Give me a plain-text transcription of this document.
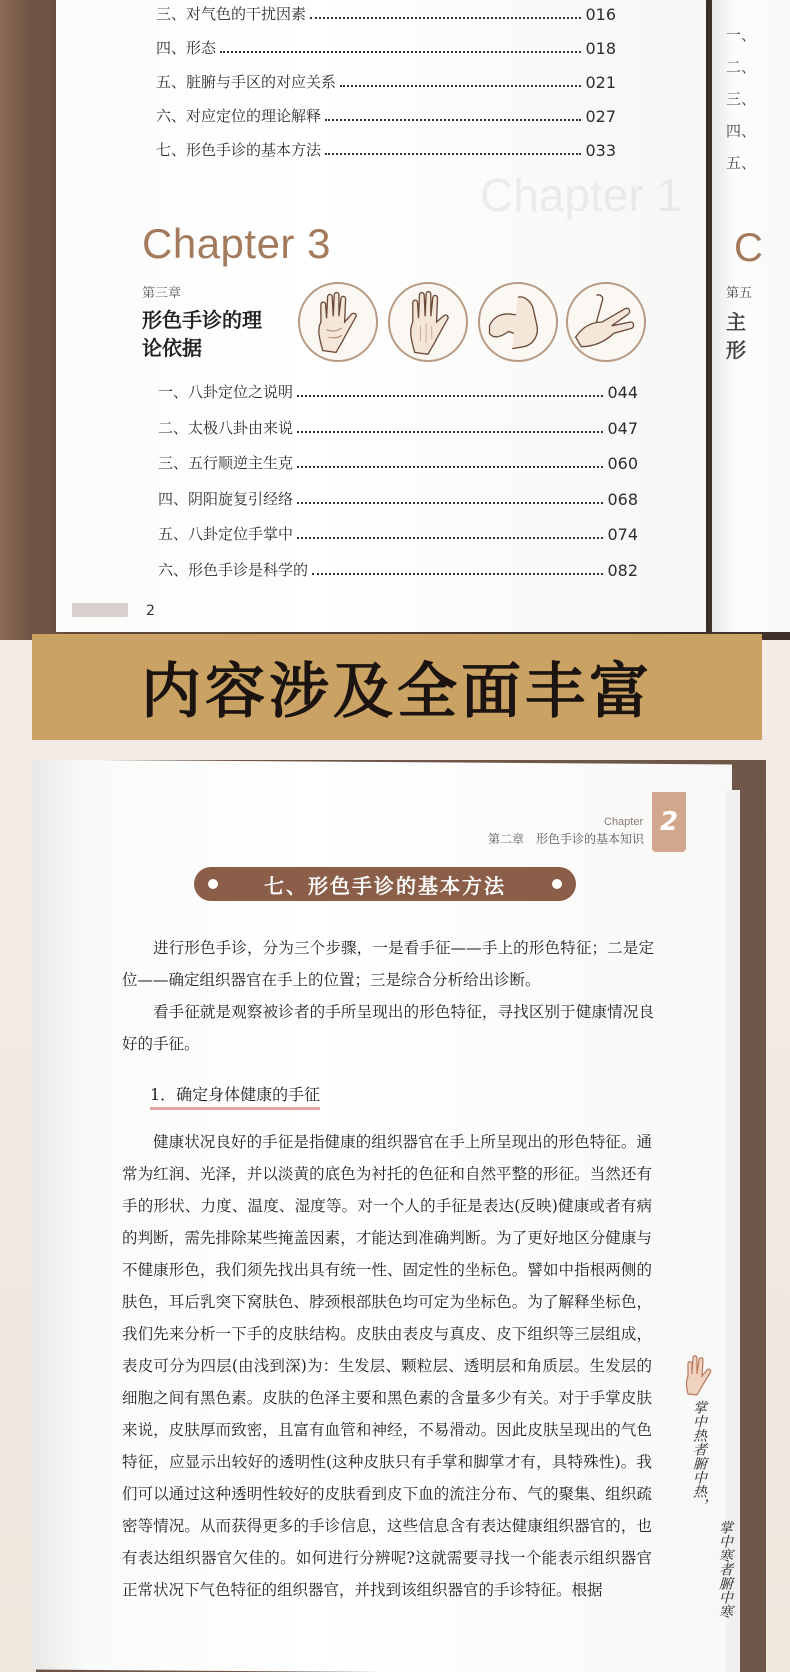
Chapter 1
三、对气色的干扰因素	016
四、形态	018
五、脏腑与手区的对应关系	021
六、对应定位的理论解释	027
七、形色手诊的基本方法	033
Chapter 3
第三章
形色手诊的理论依据
一、八卦定位之说明	044
二、太极八卦由来说	047
三、五行顺逆主生克	060
四、阴阳旋复引经络	068
五、八卦定位手掌中	074
六、形色手诊是科学的	082
2
一、
二、
三、
四、
五、
C
第五
主
形
内容涉及全面丰富
Chapter
第二章　形色手诊的基本知识
2
七、形色手诊的基本方法
进行形色手诊，分为三个步骤，一是看手征——手上的形色特征；二是定位——确定组织器官在手上的位置；三是综合分析给出诊断。
看手征就是观察被诊者的手所呈现出的形色特征，寻找区别于健康情况良好的手征。
1．确定身体健康的手征
健康状况良好的手征是指健康的组织器官在手上所呈现出的形色特征。通常为红润、光泽，并以淡黄的底色为衬托的色征和自然平整的形征。当然还有手的形状、力度、温度、湿度等。对一个人的手征是表达(反映)健康或者有病的判断，需先排除某些掩盖因素，才能达到准确判断。为了更好地区分健康与不健康形色，我们须先找出具有统一性、固定性的坐标色。譬如中指根两侧的肤色，耳后乳突下窝肤色、脖颈根部肤色均可定为坐标色。为了解释坐标色，我们先来分析一下手的皮肤结构。皮肤由表皮与真皮、皮下组织等三层组成，表皮可分为四层(由浅到深)为：生发层、颗粒层、透明层和角质层。生发层的细胞之间有黑色素。皮肤的色泽主要和黑色素的含量多少有关。对于手掌皮肤来说，皮肤厚而致密，且富有血管和神经，不易滑动。因此皮肤呈现出的气色特征，应显示出较好的透明性(这种皮肤只有手掌和脚掌才有，具特殊性)。我们可以通过这种透明性较好的皮肤看到皮下血的流注分布、气的聚集、组织疏密等情况。从而获得更多的手诊信息，这些信息含有表达健康组织器官的，也有表达组织器官欠佳的。如何进行分辨呢?这就需要寻找一个能表示组织器官正常状况下气色特征的组织器官，并找到该组织器官的手诊特征。根据
掌中热者腑中热，
掌中寒者腑中寒
